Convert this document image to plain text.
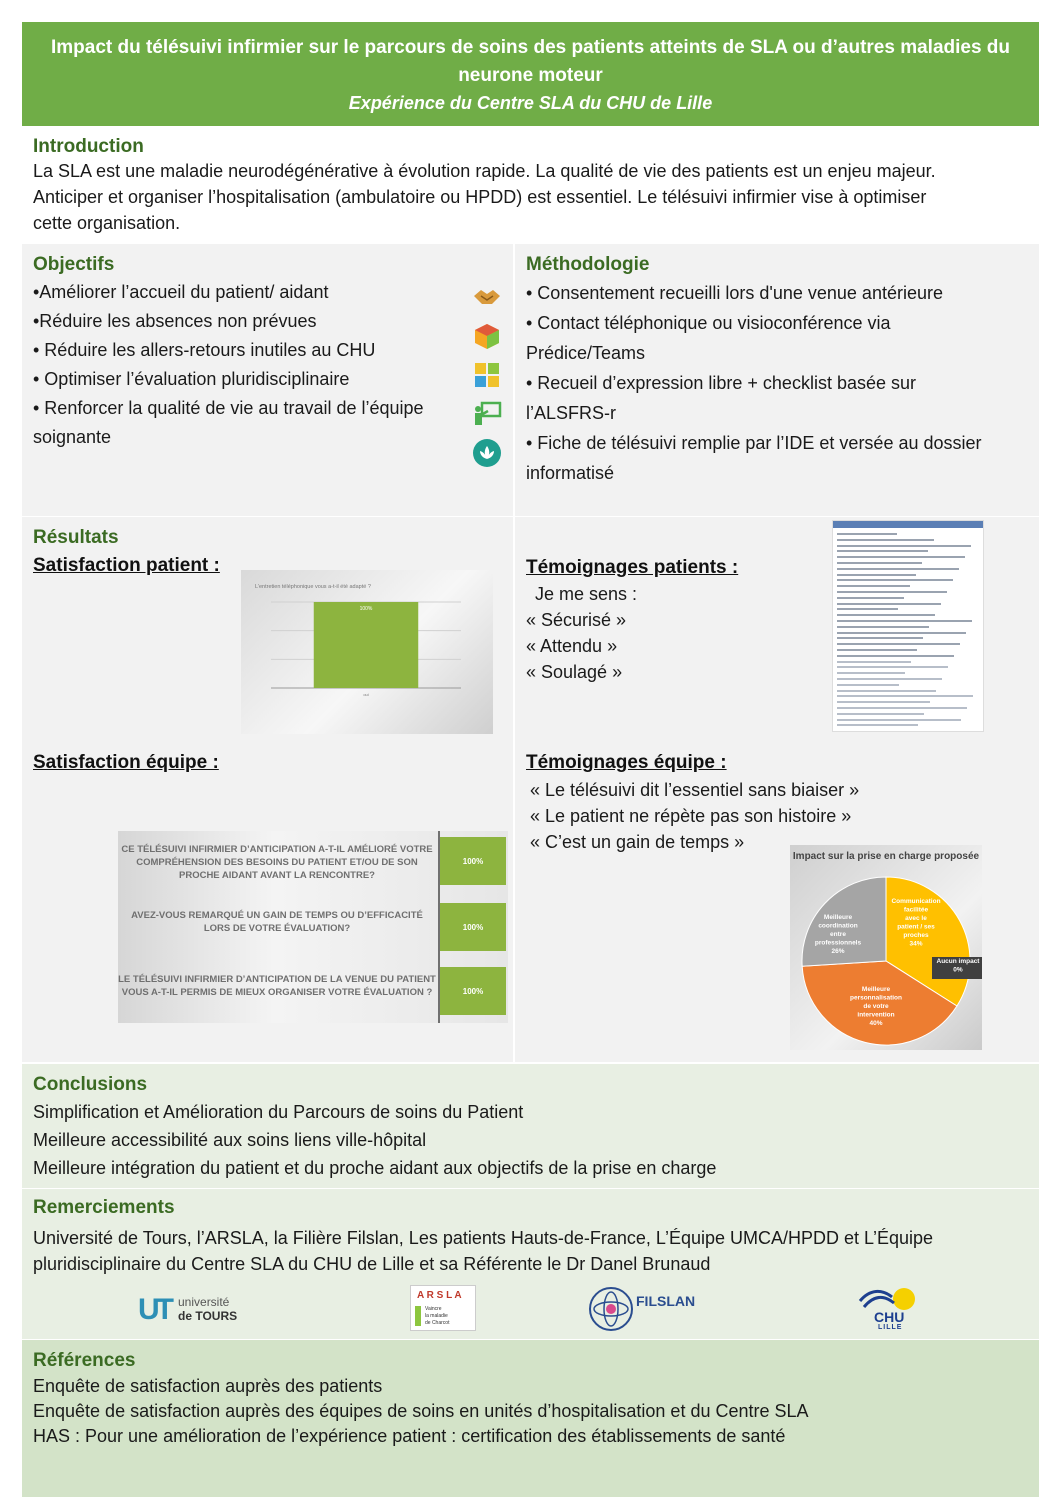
Impact du télésuivi infirmier sur le parcours de soins des patients atteints de SLA ou d’autres maladies du neurone moteur
Expérience du Centre SLA du CHU de Lille
Introduction
La SLA est une maladie neurodégénérative à évolution rapide. La qualité de vie des patients est un enjeu majeur.
Anticiper et organiser l’hospitalisation (ambulatoire ou HPDD) est essentiel. Le télésuivi infirmier vise à optimiser
cette organisation.
Objectifs
•Améliorer l’accueil du patient/ aidant
•Réduire les absences non prévues
• Réduire les allers-retours inutiles au CHU
• Optimiser l’évaluation pluridisciplinaire
• Renforcer la qualité de vie au travail de l’équipe
soignante

Méthodologie
• Consentement recueilli lors d'une venue antérieure
• Contact téléphonique ou visioconférence via
Prédice/Teams
• Recueil d’expression libre + checklist basée sur
l’ALSFRS-r
• Fiche de télésuivi remplie par l’IDE et versée au dossier
informatisé
Résultats
Satisfaction patient :
L’entretien téléphonique vous a-t-il été adapté ?
100%
oui
Satisfaction équipe :
CE TÉLÉSUIVI INFIRMIER D’ANTICIPATION A-T-IL AMÉLIORÉ VOTRE COMPRÉHENSION DES BESOINS DU PATIENT ET/OU DE SON PROCHE AIDANT AVANT LA RENCONTRE?
100%
AVEZ-VOUS REMARQUÉ UN GAIN DE TEMPS OU D’EFFICACITÉ LORS DE VOTRE ÉVALUATION?	100%
LE TÉLÉSUIVI INFIRMIER D’ANTICIPATION DE LA VENUE DU PATIENT VOUS A-T-IL PERMIS DE MIEUX ORGANISER VOTRE ÉVALUATION ?	100%
Témoignages patients :
Je me sens :
« Sécurisé »
« Attendu »
« Soulagé »
Témoignages équipe :
« Le télésuivi dit l’essentiel sans biaiser »
« Le patient ne répète pas son histoire »
« C’est un gain de temps »
Impact sur la prise en charge proposée
Communication
facilitée
avec le
patient / ses
proches
34%
Aucun impact
0%
Meilleure
personnalisation
de votre
intervention
40%
Meilleure
coordination
entre
professionnels
26%
Conclusions
Simplification et Amélioration du Parcours de soins du Patient
Meilleure accessibilité aux soins liens ville-hôpital
Meilleure intégration du patient et du proche aidant aux objectifs de la prise en charge
Remerciements
Université de Tours, l’ARSLA, la Filière Filslan, Les patients Hauts-de-France, L’Équipe UMCA/HPDD et L’Équipe
pluridisciplinaire du Centre SLA du CHU de Lille et sa Référente le Dr Danel Brunaud
UT université
de TOURS
A R S L A
Vaincre
la maladie
de Charcot
FILSLAN
CHU
LILLE
Références
Enquête de satisfaction auprès des patients
Enquête de satisfaction auprès des équipes de soins en unités d’hospitalisation et du Centre SLA
HAS : Pour une amélioration de l’expérience patient : certification des établissements de santé
